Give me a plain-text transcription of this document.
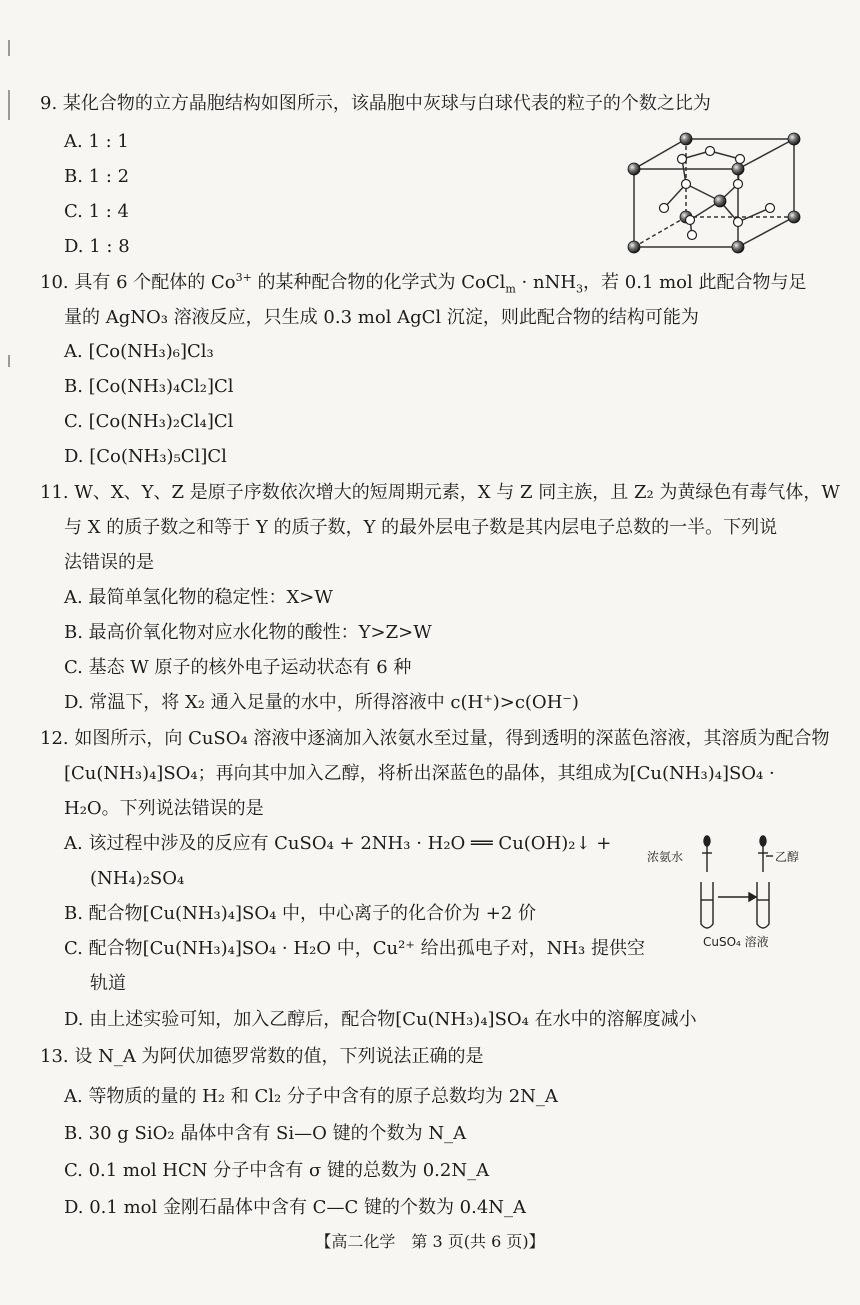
9. 某化合物的立方晶胞结构如图所示，该晶胞中灰球与白球代表的粒子的个数之比为
A. 1 : 1
B. 1 : 2
C. 1 : 4
D. 1 : 8
10. 具有 6 个配体的 $Co^{3+}$ 的某种配合物的化学式为 CoCl$_m$ · nNH$_3$，若 0.1 mol 此配合物与足
量的 AgNO₃ 溶液反应，只生成 0.3 mol AgCl 沉淀，则此配合物的结构可能为
A. [Co(NH₃)₆]Cl₃
B. [Co(NH₃)₄Cl₂]Cl
C. [Co(NH₃)₂Cl₄]Cl
D. [Co(NH₃)₅Cl]Cl
11. W、X、Y、Z 是原子序数依次增大的短周期元素，X 与 Z 同主族，且 Z₂ 为黄绿色有毒气体，W
与 X 的质子数之和等于 Y 的质子数，Y 的最外层电子数是其内层电子总数的一半。下列说
法错误的是
A. 最简单氢化物的稳定性：X>W
B. 最高价氧化物对应水化物的酸性：Y>Z>W
C. 基态 W 原子的核外电子运动状态有 6 种
D. 常温下，将 X₂ 通入足量的水中，所得溶液中 c(H⁺)>c(OH⁻)
12. 如图所示，向 CuSO₄ 溶液中逐滴加入浓氨水至过量，得到透明的深蓝色溶液，其溶质为配合物
[Cu(NH₃)₄]SO₄；再向其中加入乙醇，将析出深蓝色的晶体，其组成为[Cu(NH₃)₄]SO₄ ·
H₂O。下列说法错误的是
A. 该过程中涉及的反应有 CuSO₄ + 2NH₃ · H₂O ══ Cu(OH)₂↓ +
(NH₄)₂SO₄
B. 配合物[Cu(NH₃)₄]SO₄ 中，中心离子的化合价为 +2 价
C. 配合物[Cu(NH₃)₄]SO₄ · H₂O 中，Cu²⁺ 给出孤电子对，NH₃ 提供空
轨道
D. 由上述实验可知，加入乙醇后，配合物[Cu(NH₃)₄]SO₄ 在水中的溶解度减小
浓氨水	乙醇
CuSO₄ 溶液
13. 设 N_A 为阿伏加德罗常数的值，下列说法正确的是
A. 等物质的量的 H₂ 和 Cl₂ 分子中含有的原子总数均为 2N_A
B. 30 g SiO₂ 晶体中含有 Si—O 键的个数为 N_A
C. 0.1 mol HCN 分子中含有 σ 键的总数为 0.2N_A
D. 0.1 mol 金刚石晶体中含有 C—C 键的个数为 0.4N_A
【高二化学　第 3 页(共 6 页)】
